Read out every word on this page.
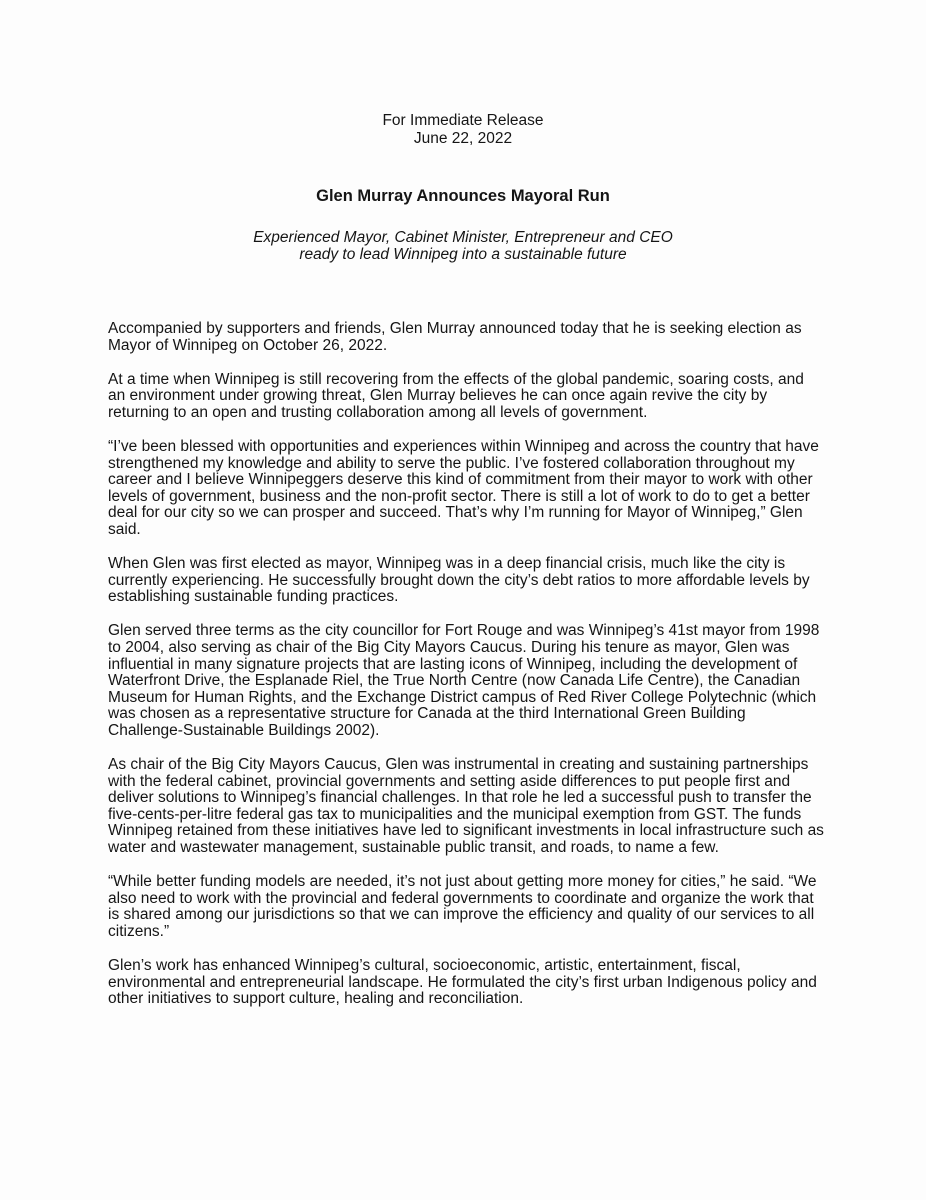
For Immediate Release
June 22, 2022
Glen Murray Announces Mayoral Run
Experienced Mayor, Cabinet Minister, Entrepreneur and CEO
ready to lead Winnipeg into a sustainable future

Accompanied by supporters and friends, Glen Murray announced today that he is seeking election as Mayor of Winnipeg on October 26, 2022.

At a time when Winnipeg is still recovering from the effects of the global pandemic, soaring costs, and an environment under growing threat, Glen Murray believes he can once again revive the city by returning to an open and trusting collaboration among all levels of government.

“I’ve been blessed with opportunities and experiences within Winnipeg and across the country that have strengthened my knowledge and ability to serve the public. I’ve fostered collaboration throughout my career and I believe Winnipeggers deserve this kind of commitment from their mayor to work with other levels of government, business and the non-profit sector. There is still a lot of work to do to get a better deal for our city so we can prosper and succeed. That’s why I’m running for Mayor of Winnipeg,” Glen said.

When Glen was first elected as mayor, Winnipeg was in a deep financial crisis, much like the city is currently experiencing. He successfully brought down the city’s debt ratios to more affordable levels by establishing sustainable funding practices.

Glen served three terms as the city councillor for Fort Rouge and was Winnipeg’s 41st mayor from 1998 to 2004, also serving as chair of the Big City Mayors Caucus. During his tenure as mayor, Glen was influential in many signature projects that are lasting icons of Winnipeg, including the development of Waterfront Drive, the Esplanade Riel, the True North Centre (now Canada Life Centre), the Canadian Museum for Human Rights, and the Exchange District campus of Red River College Polytechnic (which was chosen as a representative structure for Canada at the third International Green Building Challenge-Sustainable Buildings 2002).

As chair of the Big City Mayors Caucus, Glen was instrumental in creating and sustaining partnerships with the federal cabinet, provincial governments and setting aside differences to put people first and deliver solutions to Winnipeg’s financial challenges. In that role he led a successful push to transfer the five-cents-per-litre federal gas tax to municipalities and the municipal exemption from GST. The funds Winnipeg retained from these initiatives have led to significant investments in local infrastructure such as water and wastewater management, sustainable public transit, and roads, to name a few.

“While better funding models are needed, it’s not just about getting more money for cities,” he said. “We also need to work with the provincial and federal governments to coordinate and organize the work that is shared among our jurisdictions so that we can improve the efficiency and quality of our services to all citizens.”

Glen’s work has enhanced Winnipeg’s cultural, socioeconomic, artistic, entertainment, fiscal, environmental and entrepreneurial landscape. He formulated the city’s first urban Indigenous policy and other initiatives to support culture, healing and reconciliation.
